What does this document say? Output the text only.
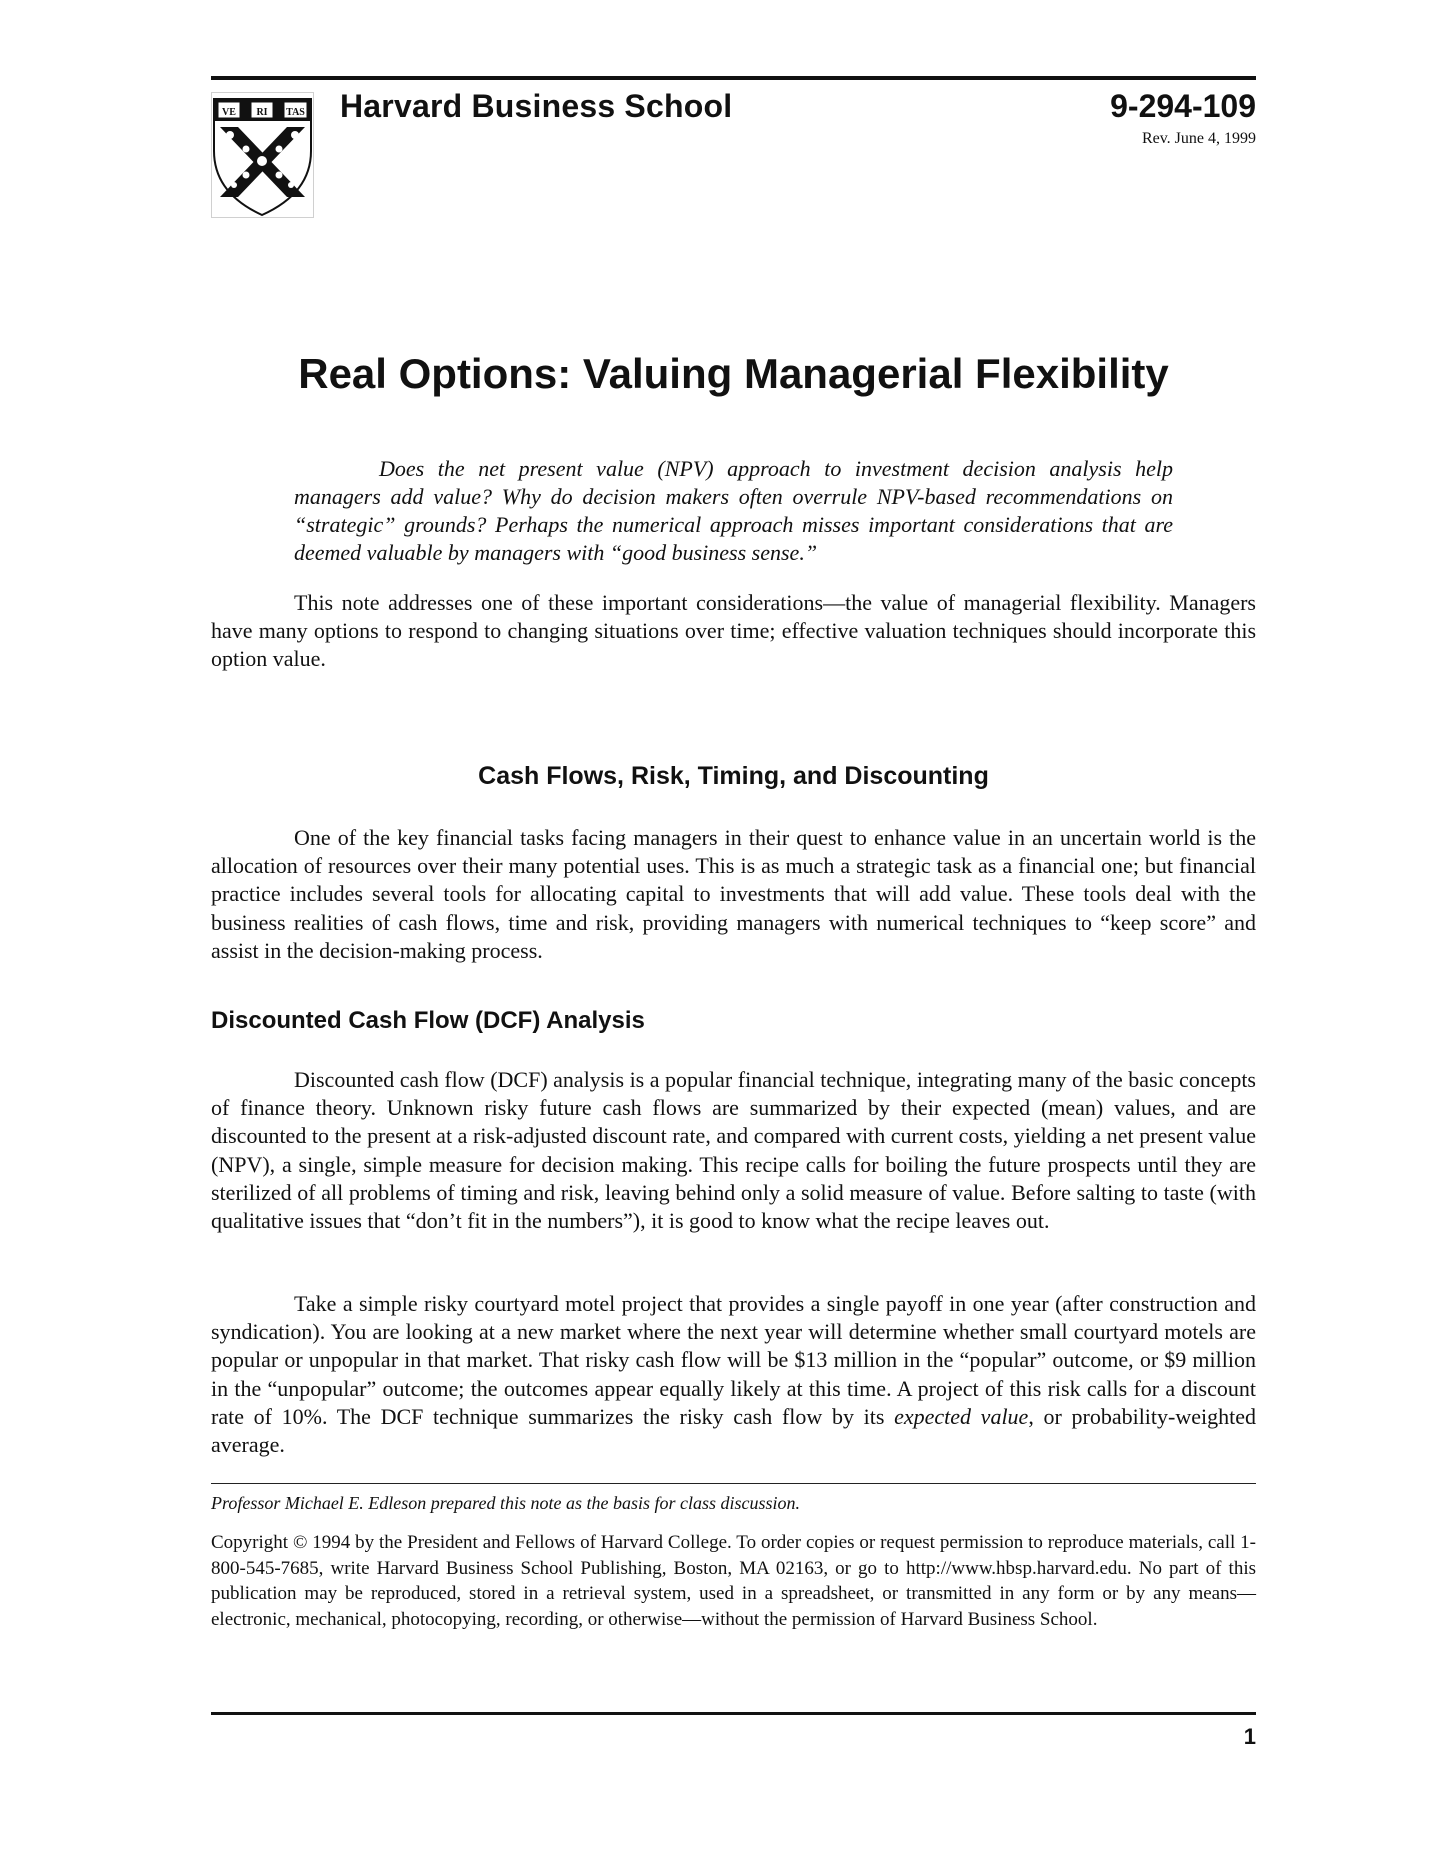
VE RI TAS Harvard Business School	9-294-109
Rev. June 4, 1999
Real Options: Valuing Managerial Flexibility

Does the net present value (NPV) approach to investment decision analysis help managers add value? Why do decision makers often overrule NPV-based recommendations on “strategic” grounds? Perhaps the numerical approach misses important considerations that are deemed valuable by managers with “good business sense.”

This note addresses one of these important considerations—the value of managerial flexibility. Managers have many options to respond to changing situations over time; effective valuation techniques should incorporate this option value.

Cash Flows, Risk, Timing, and Discounting

One of the key financial tasks facing managers in their quest to enhance value in an uncertain world is the allocation of resources over their many potential uses. This is as much a strategic task as a financial one; but financial practice includes several tools for allocating capital to investments that will add value. These tools deal with the business realities of cash flows, time and risk, providing managers with numerical techniques to “keep score” and assist in the decision-making process.

Discounted Cash Flow (DCF) Analysis

Discounted cash flow (DCF) analysis is a popular financial technique, integrating many of the basic concepts of finance theory. Unknown risky future cash flows are summarized by their expected (mean) values, and are discounted to the present at a risk-adjusted discount rate, and compared with current costs, yielding a net present value (NPV), a single, simple measure for decision making. This recipe calls for boiling the future prospects until they are sterilized of all problems of timing and risk, leaving behind only a solid measure of value. Before salting to taste (with qualitative issues that “don’t fit in the numbers”), it is good to know what the recipe leaves out.

Take a simple risky courtyard motel project that provides a single payoff in one year (after construction and syndication). You are looking at a new market where the next year will determine whether small courtyard motels are popular or unpopular in that market. That risky cash flow will be $13 million in the “popular” outcome, or $9 million in the “unpopular” outcome; the outcomes appear equally likely at this time. A project of this risk calls for a discount rate of 10%. The DCF technique summarizes the risky cash flow by its expected value, or probability-weighted average.

Professor Michael E. Edleson prepared this note as the basis for class discussion.

Copyright © 1994 by the President and Fellows of Harvard College. To order copies or request permission to reproduce materials, call 1-800-545-7685, write Harvard Business School Publishing, Boston, MA 02163, or go to http://www.hbsp.harvard.edu. No part of this publication may be reproduced, stored in a retrieval system, used in a spreadsheet, or transmitted in any form or by any means—electronic, mechanical, photocopying, recording, or otherwise—without the permission of Harvard Business School.

1
